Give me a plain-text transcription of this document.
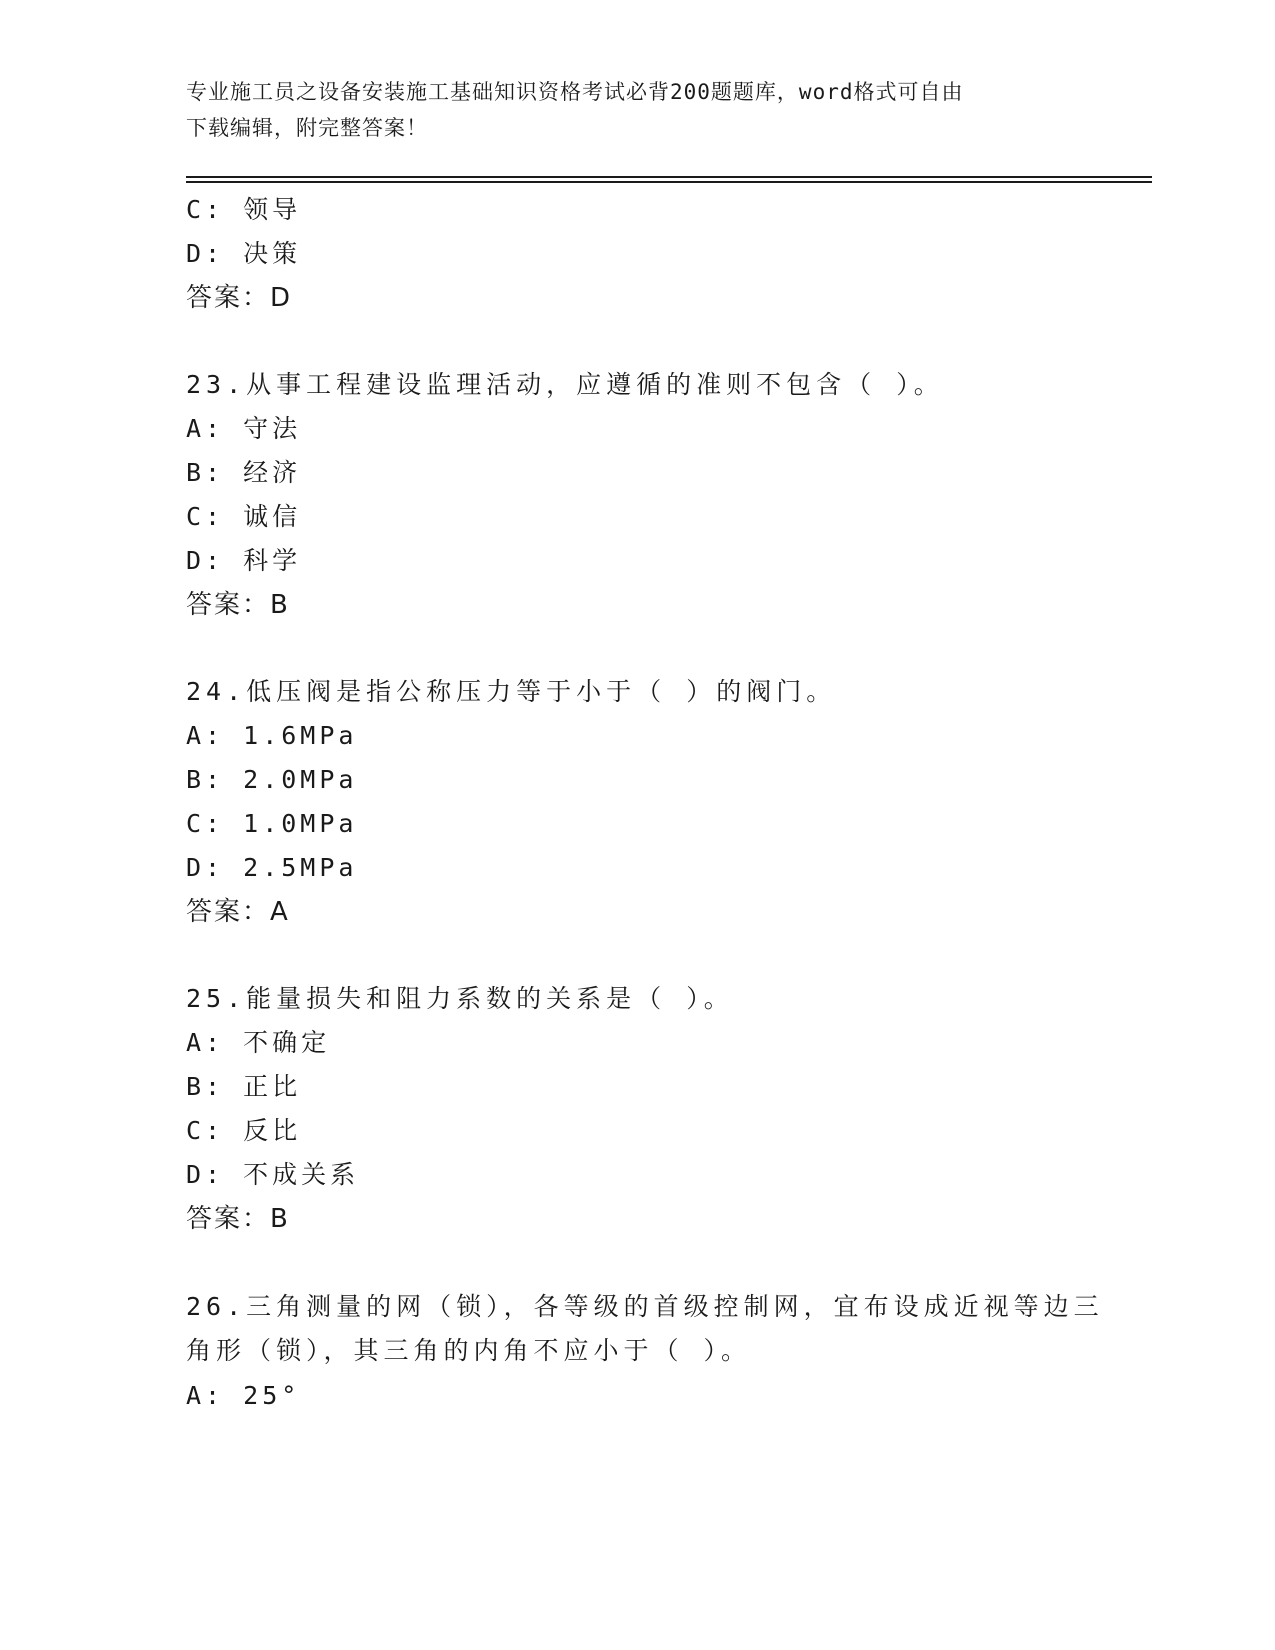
专业施工员之设备安装施工基础知识资格考试必背200题题库，word格式可自由
下载编辑，附完整答案！
C: 领导
D: 决策
答案：D
23.从事工程建设监理活动，应遵循的准则不包含（ ）。
A: 守法
B: 经济
C: 诚信
D: 科学
答案：B
24.低压阀是指公称压力等于小于（ ）的阀门。
A: 1.6MPa
B: 2.0MPa
C: 1.0MPa
D: 2.5MPa
答案：A
25.能量损失和阻力系数的关系是（ ）。
A: 不确定
B: 正比
C: 反比
D: 不成关系
答案：B
26.三角测量的网（锁），各等级的首级控制网，宜布设成近视等边三
角形（锁），其三角的内角不应小于（ ）。
A: 25°
